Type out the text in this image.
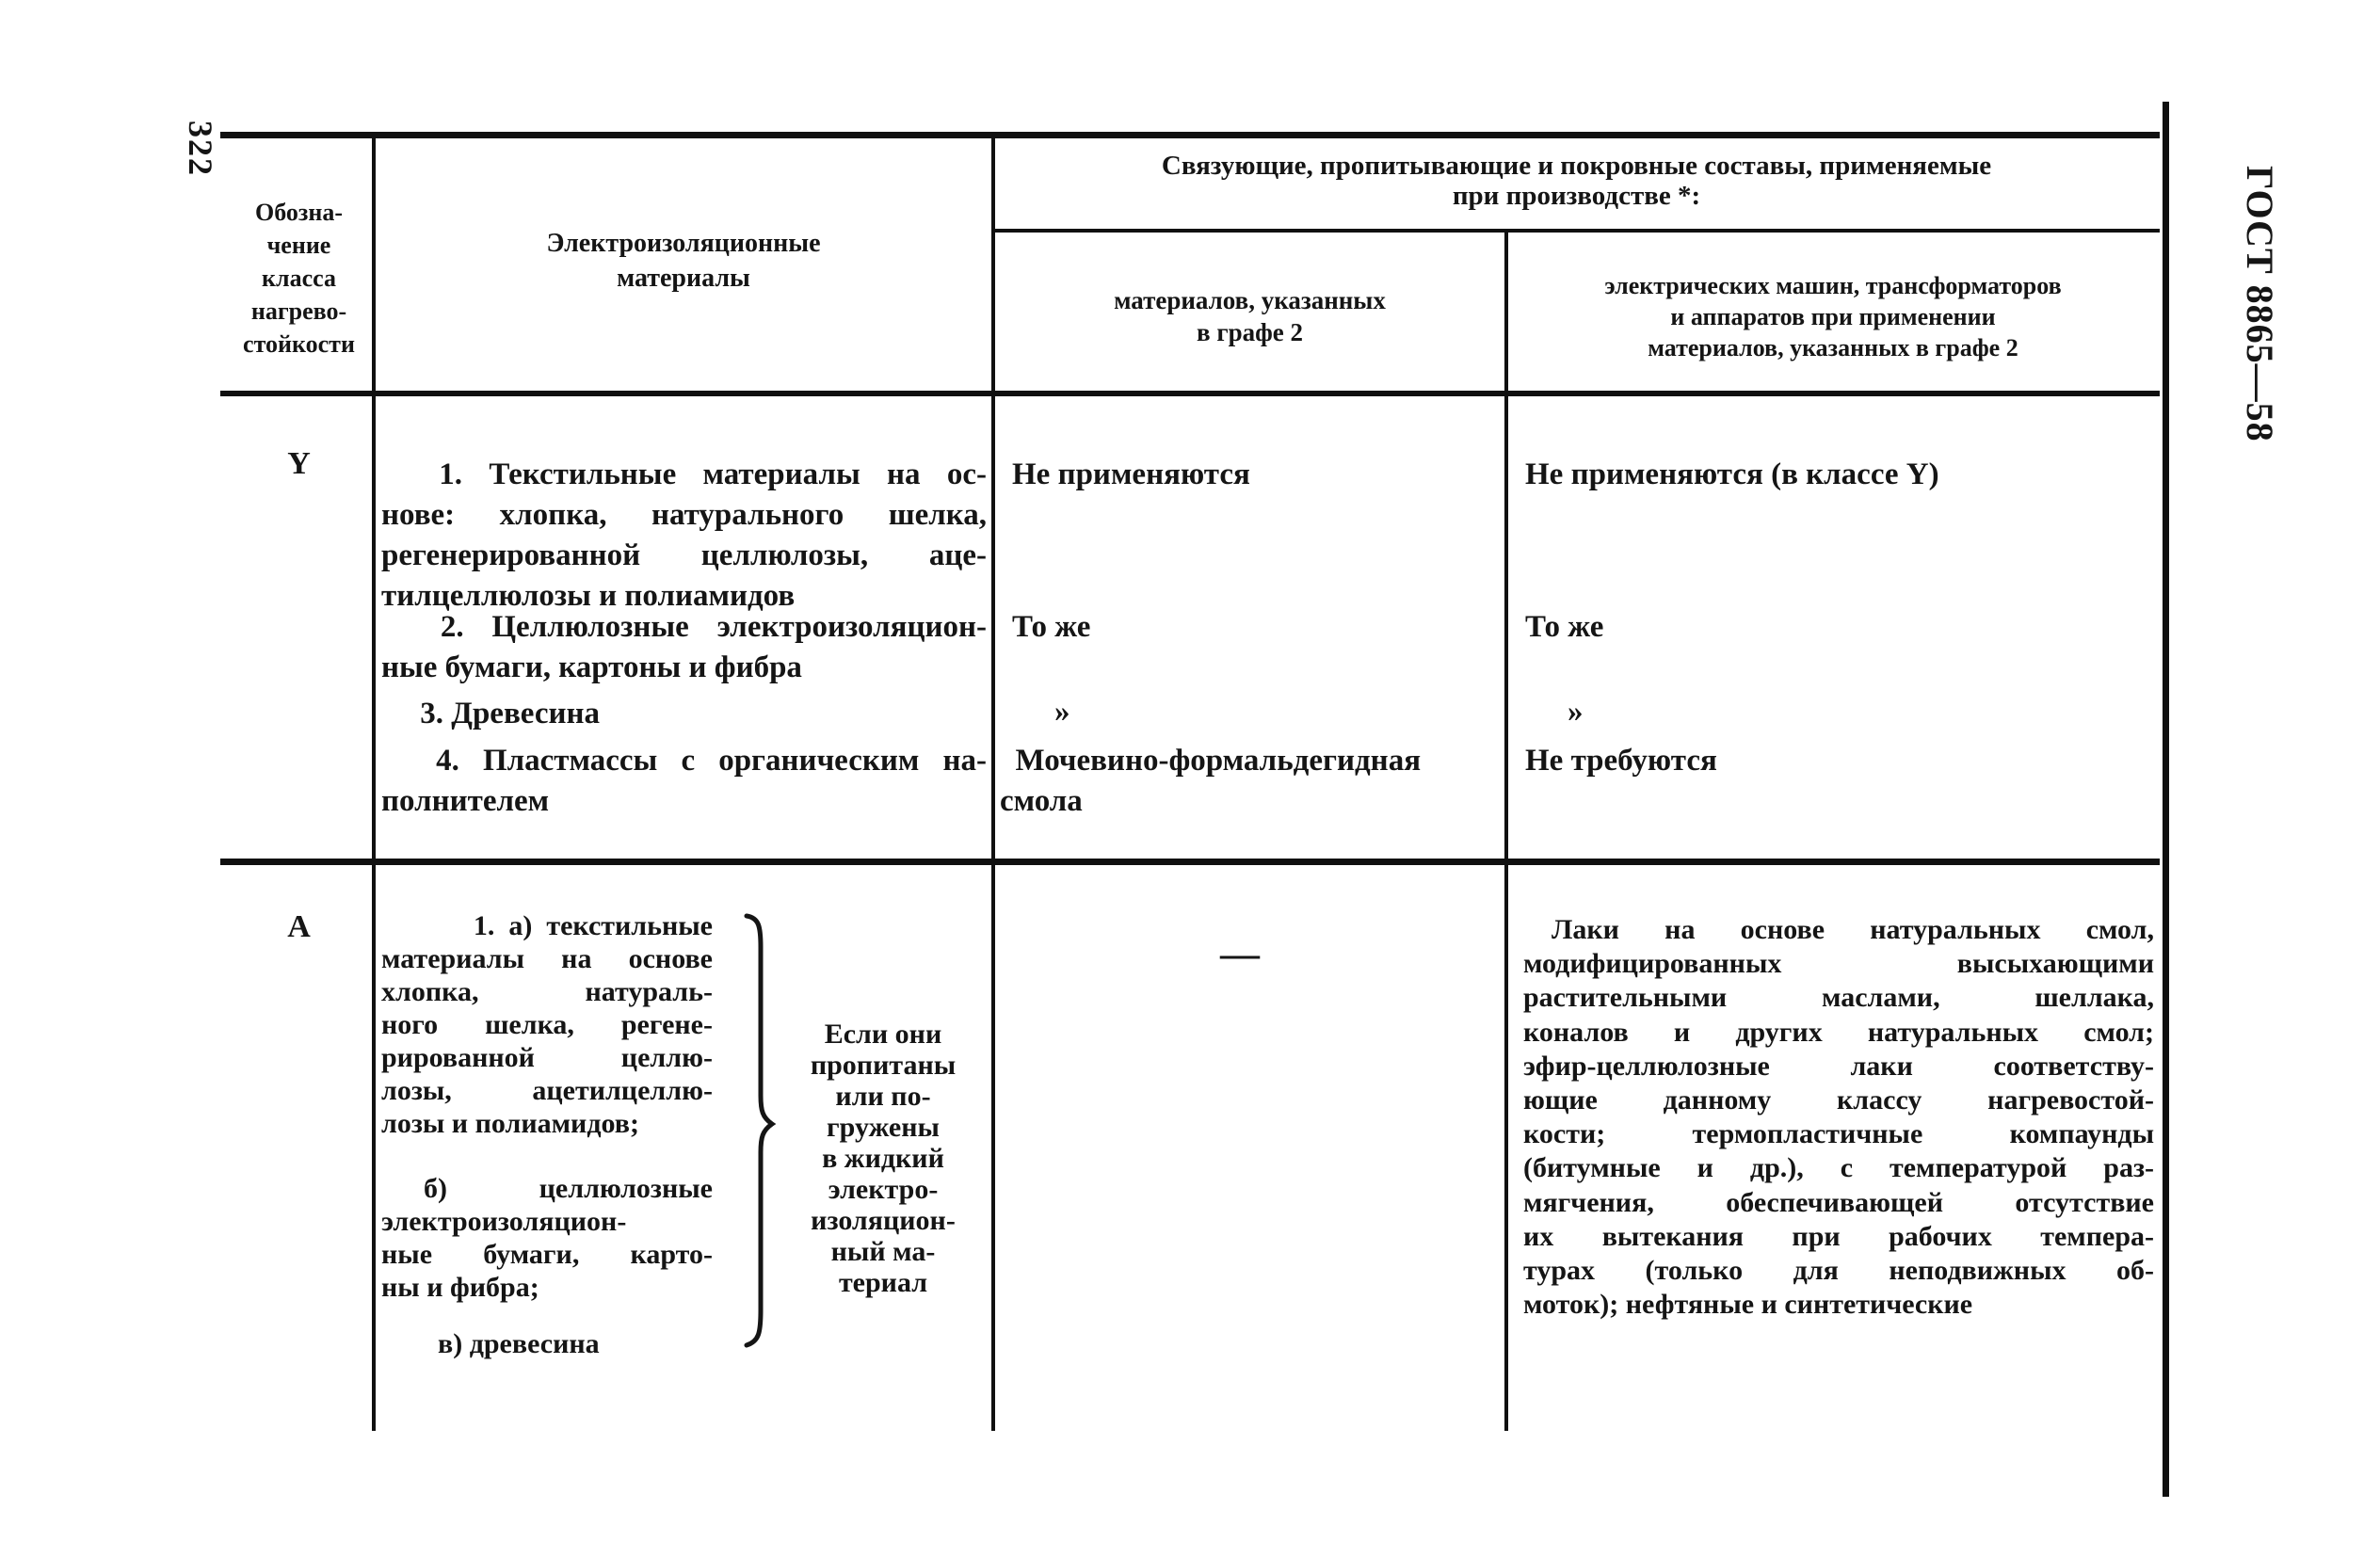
322
ГОСТ 8865—58
Обозна-
чение
класса
нагрево-
стойкости
Электроизоляционные
материалы
Связующие, пропитывающие и покровные составы, применяемые
при производстве *:
материалов, указанных
в графе 2
электрических машин, трансформаторов
и аппаратов при применении
материалов, указанных в графе 2
Y	  1. Текстильные материалы на ос-
нове: хлопка, натурального шелка,
регенерированной целлюлозы, аце-
тилцеллюлозы и полиамидов
  2. Целлюлозные электроизоляцион-
ные бумаги, картоны и фибра
  3. Древесина
  4. Пластмассы с органическим на-
полнителем
Не применяются
То же
»
 Мочевино-формальдегидная
смола
Не применяются (в классе Y)
То же
»
Не требуются
А	  1. а) текстильные
материалы на основе
хлопка, натураль-
ного шелка, регене-
рированной целлю-
лозы, ацетилцеллю-
лозы и полиамидов;
  б) целлюлозные
электроизоляцион-
ные бумаги, карто-
ны и фибра;
  в) древесина
Если они
пропитаны
или по-
гружены
в жидкий
электро-
изоляцион-
ный ма-
териал
—
 Лаки на основе натуральных смол,
модифицированных высыхающими
растительными маслами, шеллака,
коналов и других натуральных смол;
эфир-целлюлозные лаки соответству-
ющие данному классу нагревостой-
кости; термопластичные компаунды
(битумные и др.), с температурой раз-
мягчения, обеспечивающей отсутствие
их вытекания при рабочих темпера-
турах (только для неподвижных об-
моток); нефтяные и синтетические
